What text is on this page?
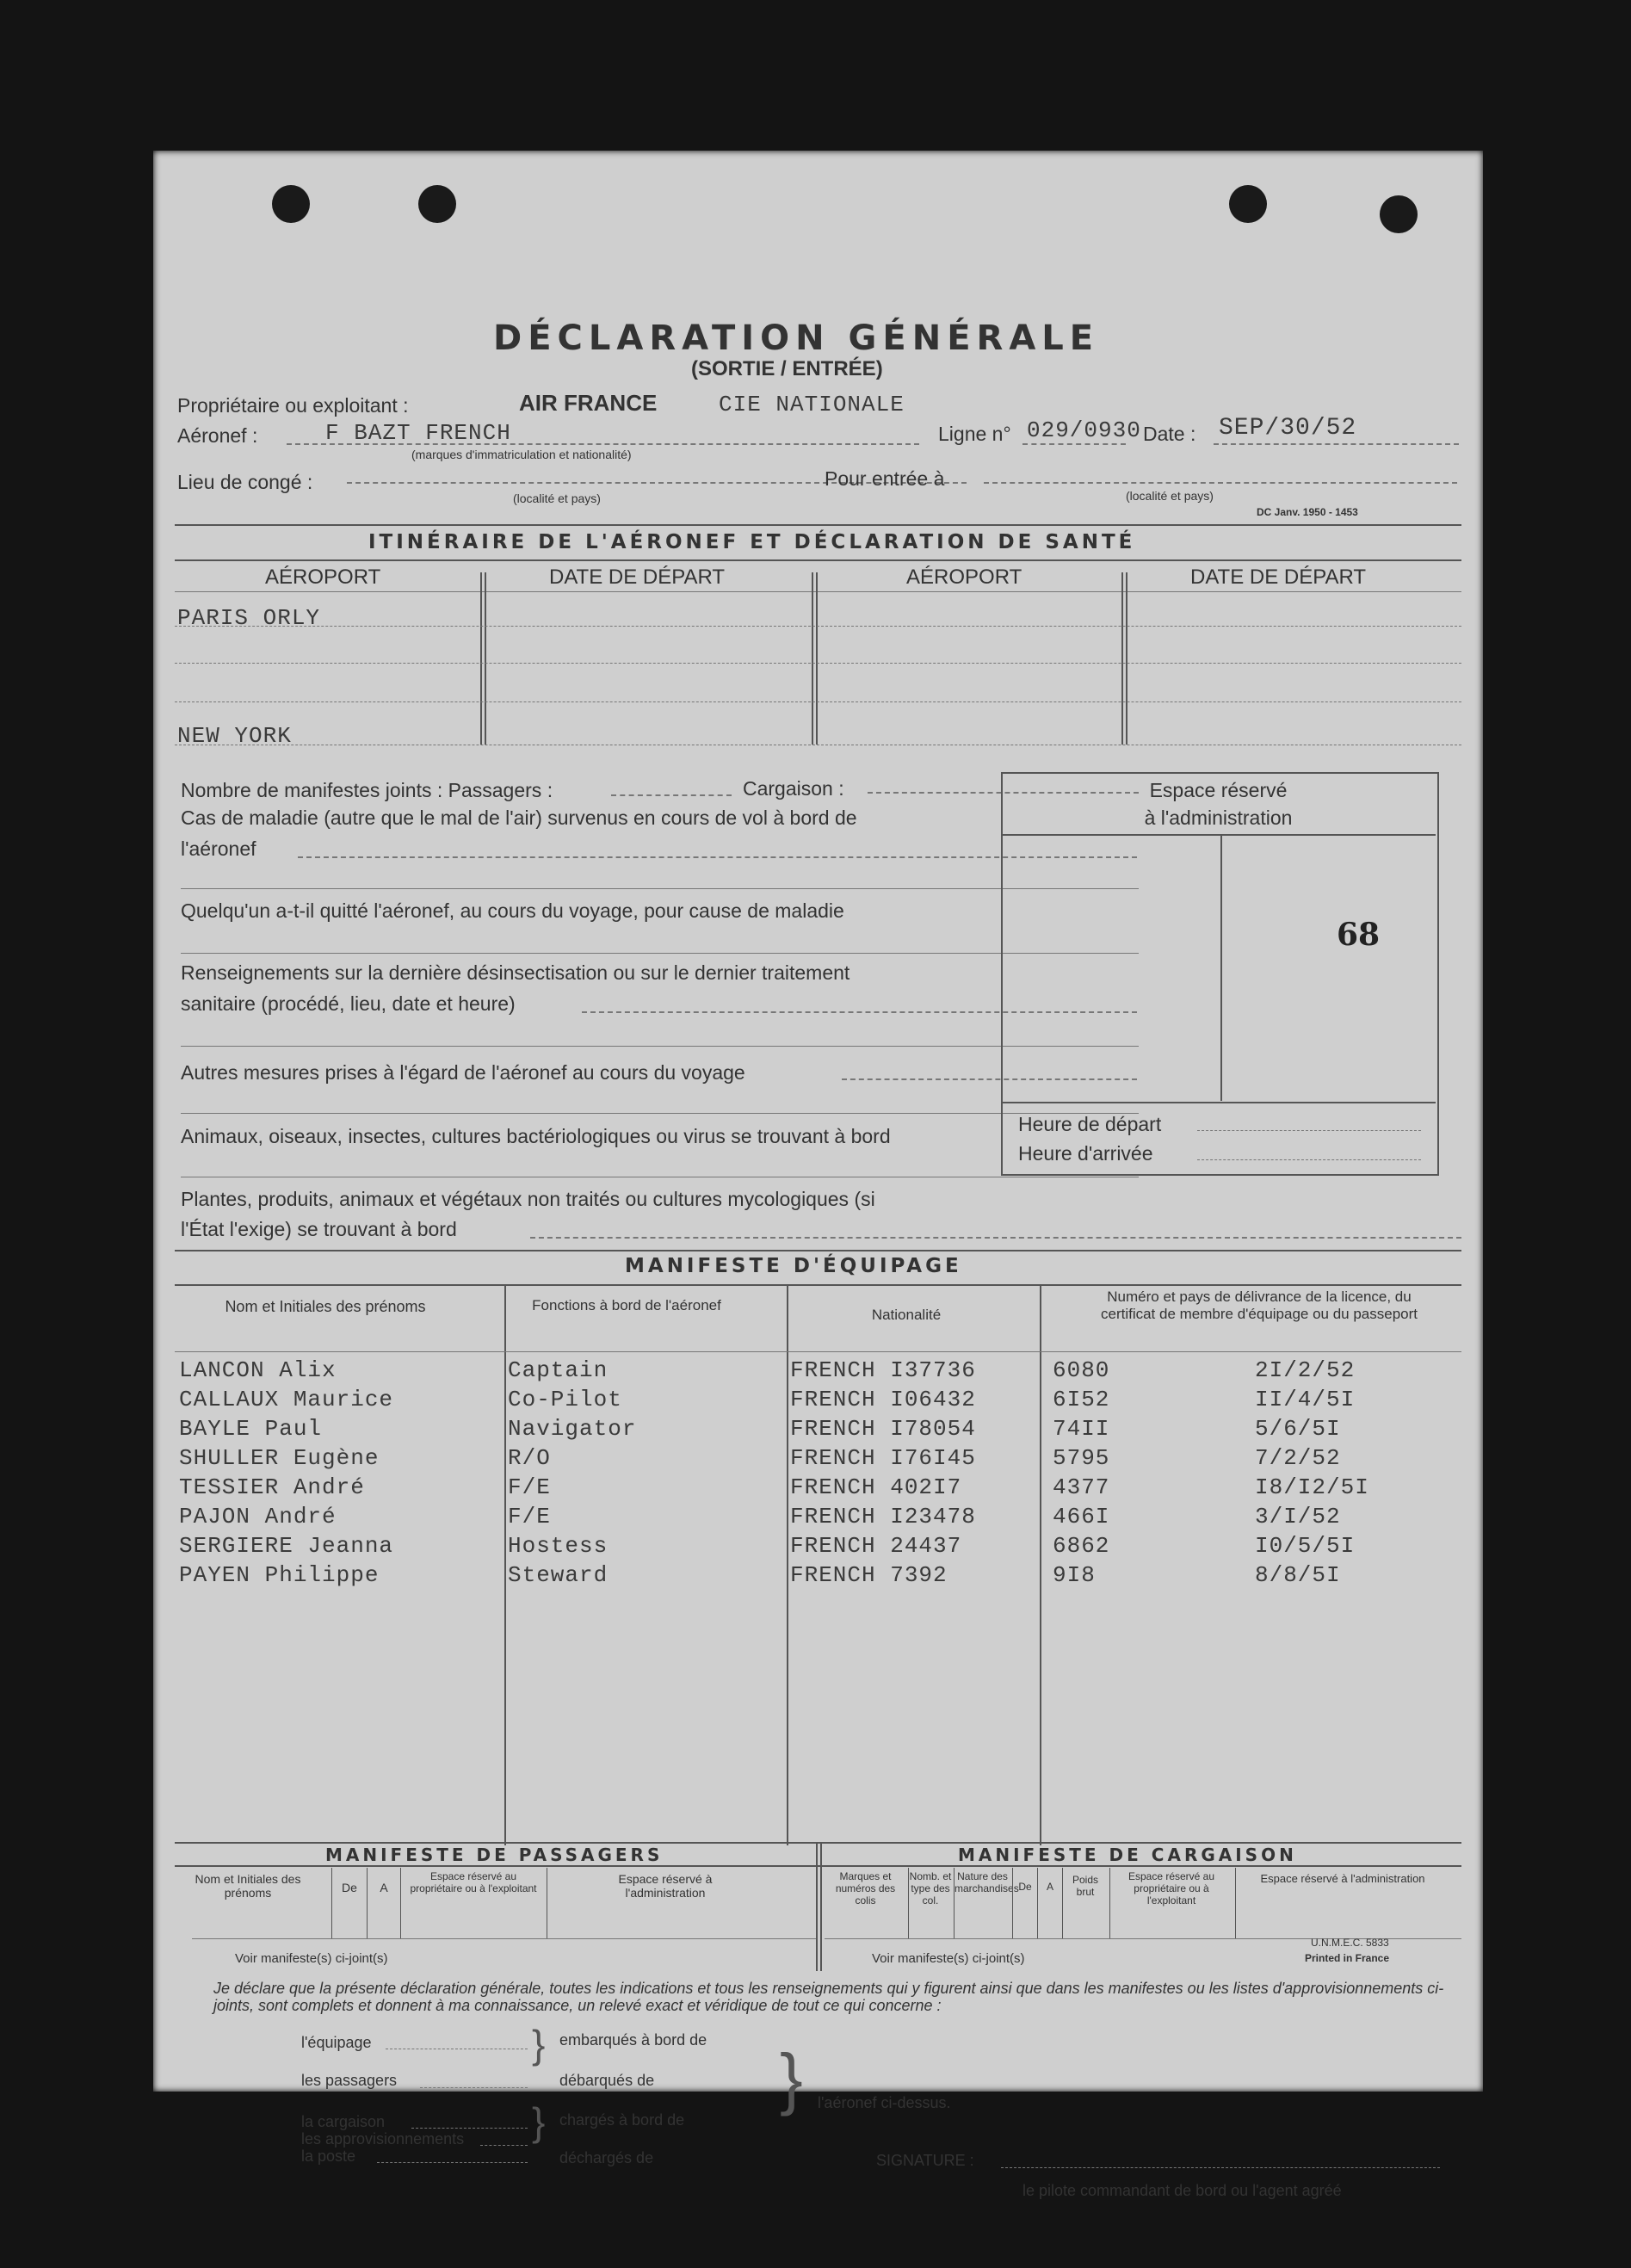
DÉCLARATION GÉNÉRALE
(SORTIE / ENTRÉE)
Propriétaire ou exploitant :	AIR FRANCE	CIE NATIONALE
Aéronef :	F BAZT FRENCH
(marques d'immatriculation et nationalité)
Ligne n° 029/0930 Date : SEP/30/52
Lieu de congé :
(localité et pays)
Pour entrée à
(localité et pays)
DC Janv. 1950 - 1453
ITINÉRAIRE DE L'AÉRONEF ET DÉCLARATION DE SANTÉ
AÉROPORT	DATE DE DÉPART	AÉROPORT	DATE DE DÉPART
PARIS ORLY
NEW YORK
Nombre de manifestes joints : Passagers :	Cargaison :
Cas de maladie (autre que le mal de l'air) survenus en cours de vol à bord de
l'aéronef
Quelqu'un a-t-il quitté l'aéronef, au cours du voyage, pour cause de maladie
Renseignements sur la dernière désinsectisation ou sur le dernier traitement
sanitaire (procédé, lieu, date et heure)
Autres mesures prises à l'égard de l'aéronef au cours du voyage
Animaux, oiseaux, insectes, cultures bactériologiques ou virus se trouvant à bord
Plantes, produits, animaux et végétaux non traités ou cultures mycologiques (si
l'État l'exige) se trouvant à bord
Espace réservé
à l'administration
68
Heure de départ
Heure d'arrivée
MANIFESTE D'ÉQUIPAGE
Nom et Initiales des prénoms	Fonctions à bord de l'aéronef
Nationalité
Numéro et pays de délivrance de la licence, du certificat de membre d'équipage ou du passeport
LANCON Alix	Captain	FRENCH I37736	6080	2I/2/52
CALLAUX Maurice	Co-Pilot	FRENCH I06432	6I52	II/4/5I
BAYLE Paul	Navigator	FRENCH I78054	74II	5/6/5I
SHULLER Eugène	R/O	FRENCH I76I45	5795	7/2/52
TESSIER André	F/E	FRENCH 402I7	4377	I8/I2/5I
PAJON André	F/E	FRENCH I23478	466I	3/I/52
SERGIERE Jeanna	Hostess	FRENCH 24437	6862	I0/5/5I
PAYEN Philippe	Steward	FRENCH 7392	9I8	8/8/5I
MANIFESTE DE PASSAGERS	MANIFESTE DE CARGAISON
Nom et Initiales des prénoms	De	A
Espace réservé au propriétaire ou à l'exploitant
Espace réservé à l'administration
Voir manifeste(s) ci-joint(s)
Marques et numéros des colis
Nomb. et type des col.
Nature des marchandises De	A
Poids brut
Espace réservé au propriétaire ou à l'exploitant
Espace réservé à l'administration
Voir manifeste(s) ci-joint(s)
U.N.M.E.C. 5833
Printed in France
Je déclare que la présente déclaration générale, toutes les indications et tous les renseignements qui y figurent ainsi que dans les manifestes ou les listes d'approvisionnements ci-joints, sont complets et donnent à ma connaissance, un relevé exact et véridique de tout ce qui concerne :
l'équipage
les passagers
la cargaison
les approvisionnements
la poste
}
}
embarqués à bord de
débarqués de
chargés à bord de
déchargés de
} l'aéronef ci-dessus.
SIGNATURE :
le pilote commandant de bord ou l'agent agréé
